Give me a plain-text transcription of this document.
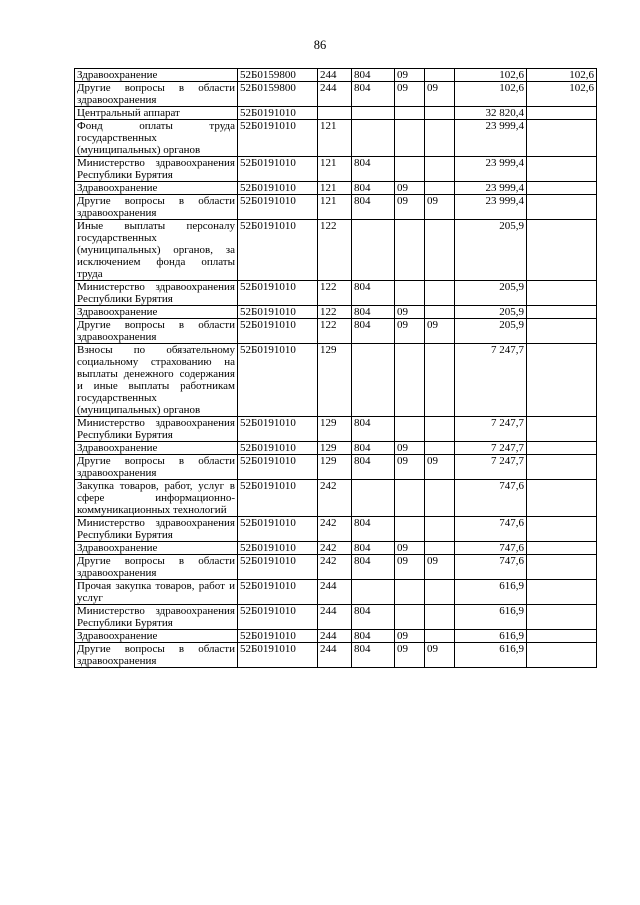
86
Здравоохранение	52Б0159800	244	804	09		102,6	102,6
Другие вопросы в области здравоохранения	52Б0159800	244	804	09	09	102,6	102,6
Центральный аппарат	52Б0191010					32 820,4	
Фонд оплаты труда государственных (муниципальных) органов	52Б0191010	121				23 999,4	
Министерство здравоохранения Республики Бурятия	52Б0191010	121	804			23 999,4	
Здравоохранение	52Б0191010	121	804	09		23 999,4	
Другие вопросы в области здравоохранения	52Б0191010	121	804	09	09	23 999,4	
Иные выплаты персоналу государственных (муниципальных) органов, за исключением фонда оплаты труда	52Б0191010	122				205,9	
Министерство здравоохранения Республики Бурятия	52Б0191010	122	804			205,9	
Здравоохранение	52Б0191010	122	804	09		205,9	
Другие вопросы в области здравоохранения	52Б0191010	122	804	09	09	205,9	
Взносы по обязательному социальному страхованию на выплаты денежного содержания и иные выплаты работникам государственных (муниципальных) органов	52Б0191010	129				7 247,7	
Министерство здравоохранения Республики Бурятия	52Б0191010	129	804			7 247,7	
Здравоохранение	52Б0191010	129	804	09		7 247,7	
Другие вопросы в области здравоохранения	52Б0191010	129	804	09	09	7 247,7	
Закупка товаров, работ, услуг в сфере информационно-коммуникационных технологий	52Б0191010	242				747,6	
Министерство здравоохранения Республики Бурятия	52Б0191010	242	804			747,6	
Здравоохранение	52Б0191010	242	804	09		747,6	
Другие вопросы в области здравоохранения	52Б0191010	242	804	09	09	747,6	
Прочая закупка товаров, работ и услуг	52Б0191010	244				616,9	
Министерство здравоохранения Республики Бурятия	52Б0191010	244	804			616,9	
Здравоохранение	52Б0191010	244	804	09		616,9	
Другие вопросы в области здравоохранения	52Б0191010	244	804	09	09	616,9	
